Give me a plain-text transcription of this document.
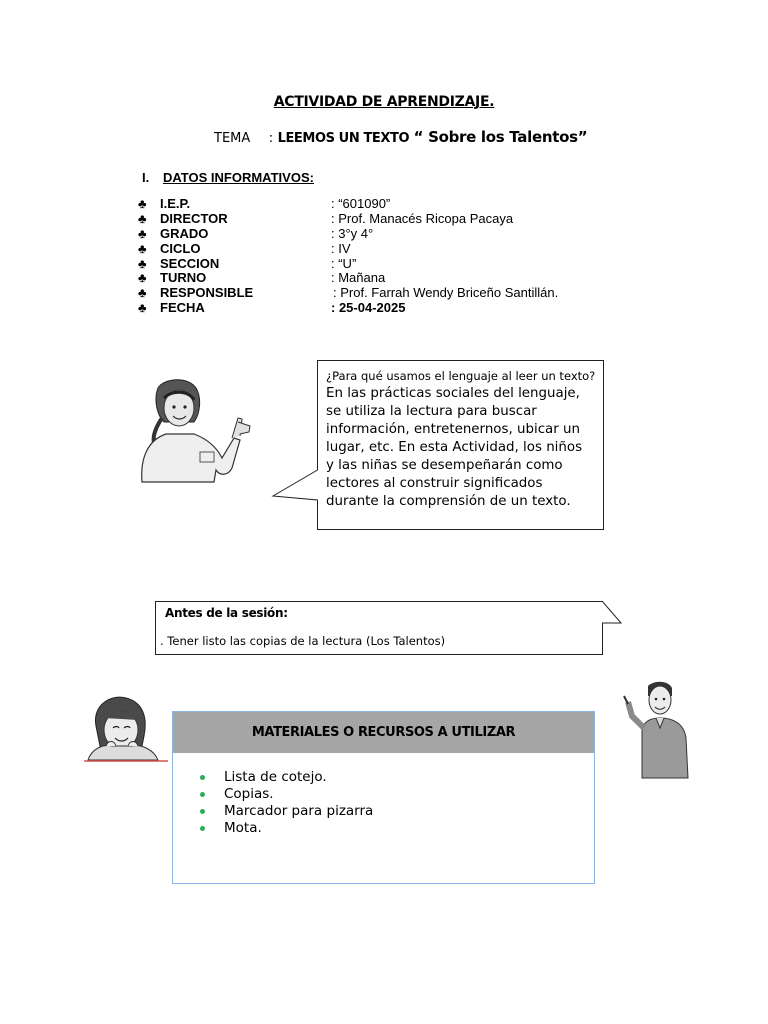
ACTIVIDAD DE APRENDIZAJE.
TEMA : LEEMOS UN TEXTO “ Sobre los Talentos”
I. DATOS INFORMATIVOS:
♣ I.E.P.	: “601090”
♣ DIRECTOR	: Prof. Manacés Ricopa Pacaya
♣ GRADO	: 3°y 4°
♣ CICLO	: IV
♣ SECCION	: “U”
♣ TURNO	: Mañana
♣ RESPONSIBLE	: Prof. Farrah Wendy Briceño Santillán.
♣ FECHA	: 25-04-2025
¿Para qué usamos el lenguaje al leer un texto?
En las prácticas sociales del lenguaje,
se utiliza la lectura para buscar
información, entretenernos, ubicar un
lugar, etc. En esta Actividad, los niños
y las niñas se desempeñarán como
lectores al construir significados
durante la comprensión de un texto.
Antes de la sesión:
. Tener listo las copias de la lectura (Los Talentos)
MATERIALES O RECURSOS A UTILIZAR
Lista de cotejo.
Copias.
Marcador para pizarra
Mota.
